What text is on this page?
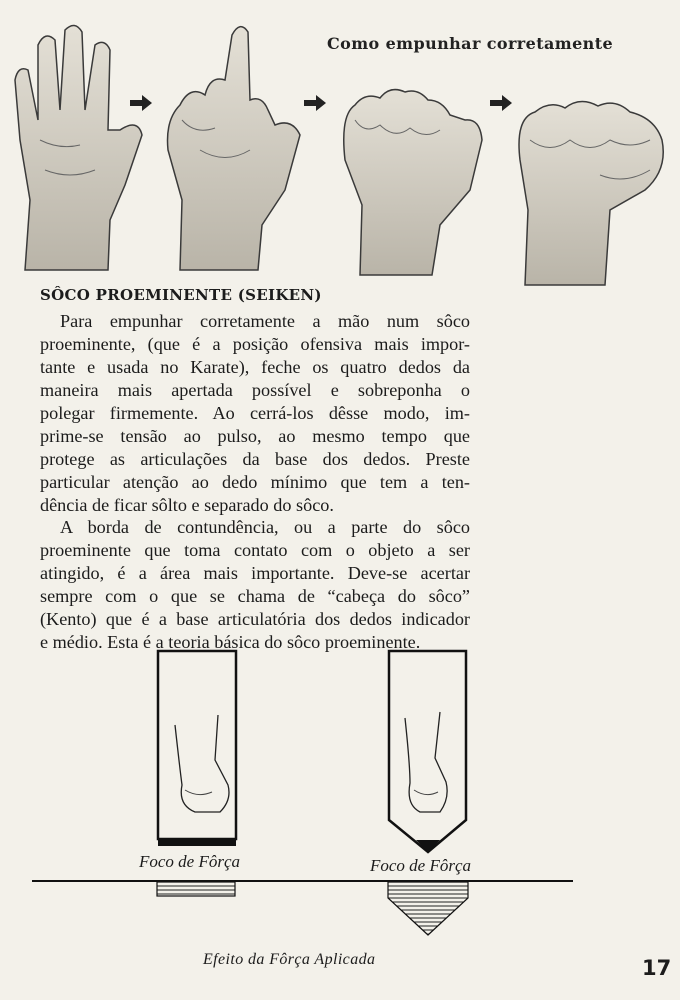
Como empunhar corretamente
SÔCO PROEMINENTE (SEIKEN)

Para empunhar corretamente a mão num sôco
proeminente, (que é a posição ofensiva mais impor-
tante e usada no Karate), feche os quatro dedos da
maneira mais apertada possível e sobreponha o
polegar firmemente. Ao cerrá-los dêsse modo, im-
prime-se tensão ao pulso, ao mesmo tempo que
protege as articulações da base dos dedos. Preste
particular atenção ao dedo mínimo que tem a ten-
dência de ficar sôlto e separado do sôco.

A borda de contundência, ou a parte do sôco
proeminente que toma contato com o objeto a ser
atingido, é a área mais importante. Deve-se acertar
sempre com o que se chama de “cabeça do sôco”
(Kento) que é a base articulatória dos dedos indicador
e médio. Esta é a teoria básica do sôco proeminente.

Foco de Fôrça	Foco de Fôrça
Efeito da Fôrça Aplicada	17
